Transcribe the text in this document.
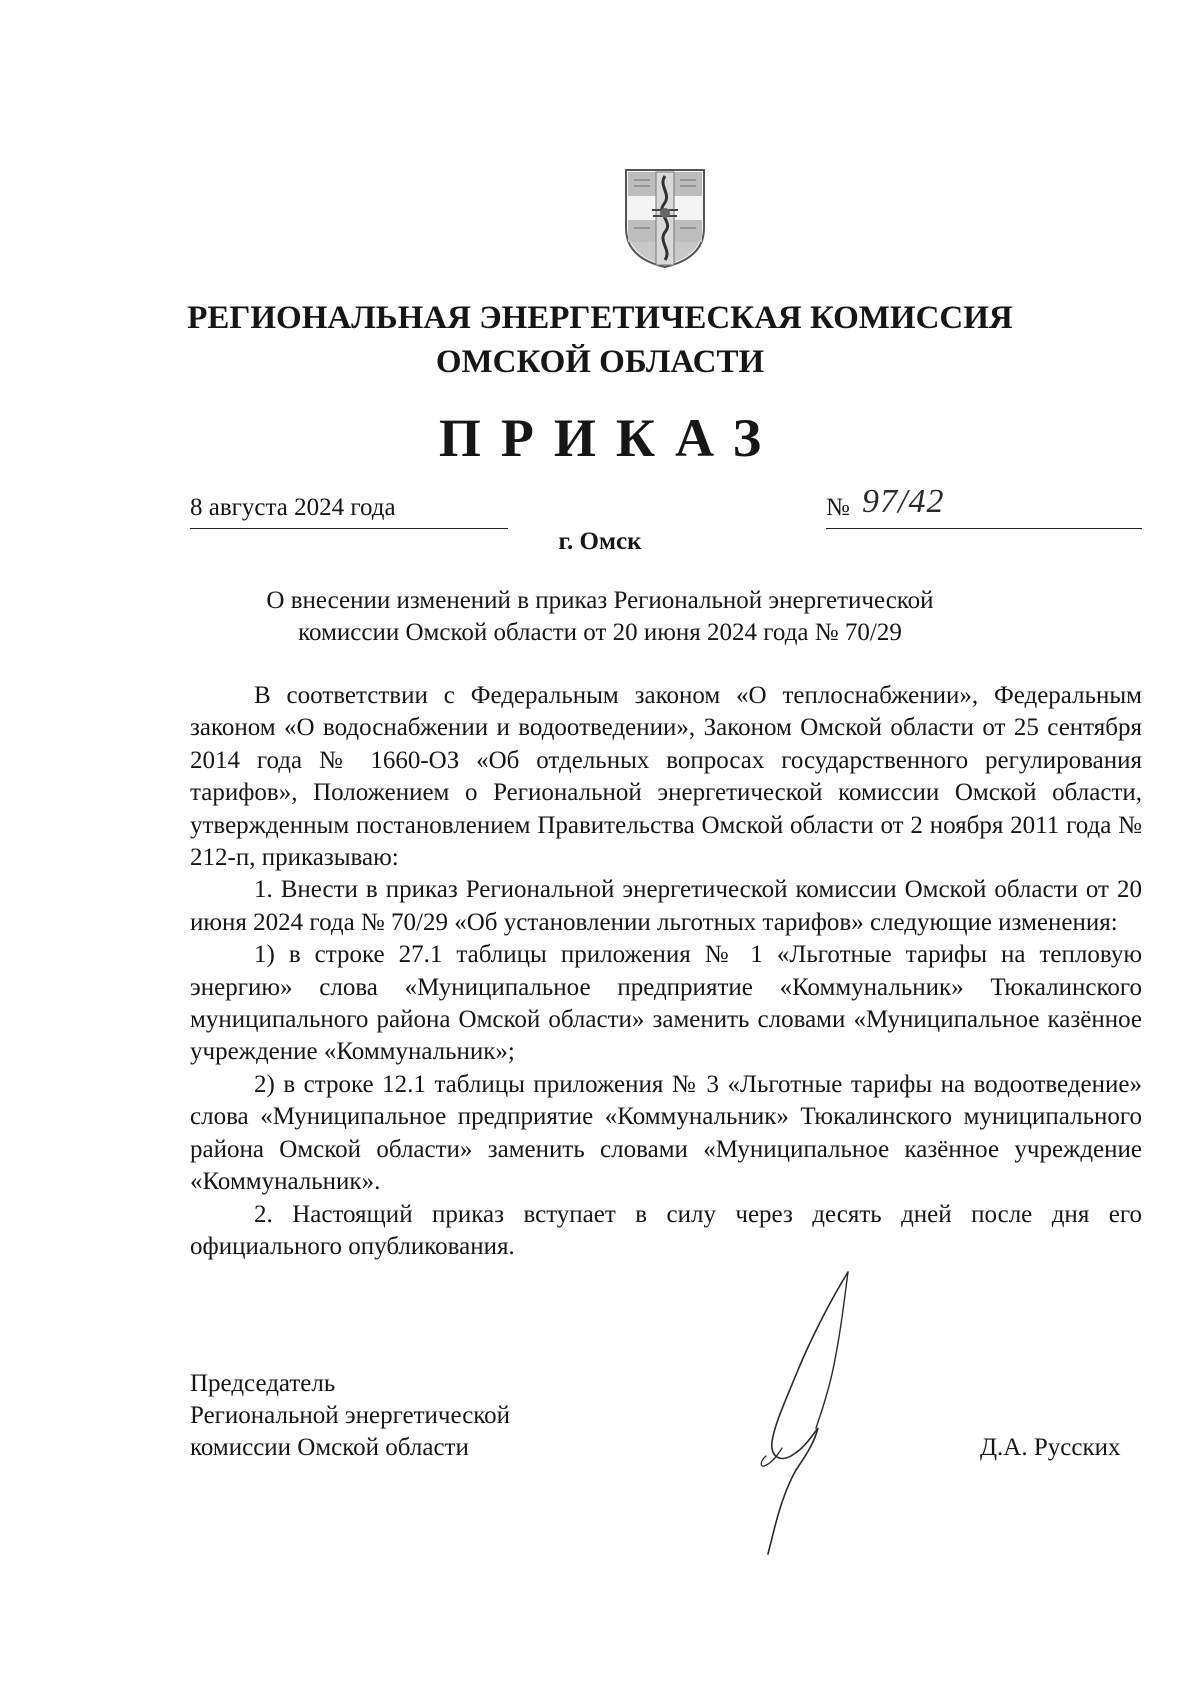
РЕГИОНАЛЬНАЯ ЭНЕРГЕТИЧЕСКАЯ КОМИССИЯ
ОМСКОЙ ОБЛАСТИ
ПРИКАЗ
8 августа 2024 года	№ 97/42
г. Омск
О внесении изменений в приказ Региональной энергетической
комиссии Омской области от 20 июня 2024 года № 70/29

В соответствии с Федеральным законом «О теплоснабжении», Федеральным законом «О водоснабжении и водоотведении», Законом Омской области от 25 сентября 2014 года № 1660-ОЗ «Об отдельных вопросах государственного регулирования тарифов», Положением о Региональной энергетической комиссии Омской области, утвержденным постановлением Правительства Омской области от 2 ноября 2011 года № 212-п, приказываю:

1. Внести в приказ Региональной энергетической комиссии Омской области от 20 июня 2024 года № 70/29 «Об установлении льготных тарифов» следующие изменения:

1) в строке 27.1 таблицы приложения № 1 «Льготные тарифы на тепловую энергию» слова «Муниципальное предприятие «Коммунальник» Тюкалинского муниципального района Омской области» заменить словами «Муниципальное казённое учреждение «Коммунальник»;

2) в строке 12.1 таблицы приложения № 3 «Льготные тарифы на водоотведение» слова «Муниципальное предприятие «Коммунальник» Тюкалинского муниципального района Омской области» заменить словами «Муниципальное казённое учреждение «Коммунальник».

2. Настоящий приказ вступает в силу через десять дней после дня его официального опубликования.

Председатель
Региональной энергетической
комиссии Омской области	Д.А. Русских
